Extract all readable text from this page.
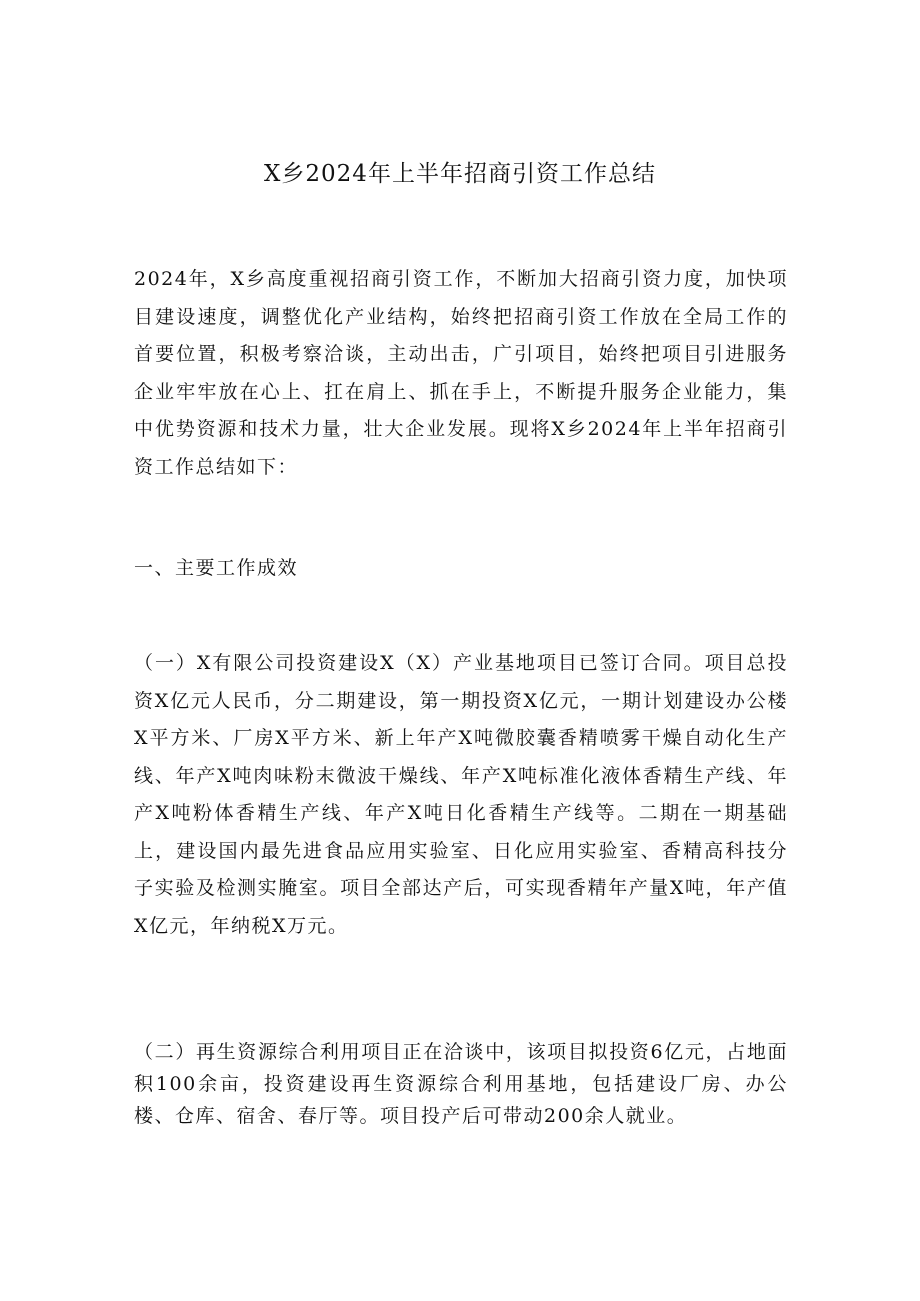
X乡2024年上半年招商引资工作总结

2024年，X乡高度重视招商引资工作，不断加大招商引资力度，加快项目建设速度，调整优化产业结构，始终把招商引资工作放在全局工作的首要位置，积极考察洽谈，主动出击，广引项目，始终把项目引进服务企业牢牢放在心上、扛在肩上、抓在手上，不断提升服务企业能力，集中优势资源和技术力量，壮大企业发展。现将X乡2024年上半年招商引资工作总结如下：

一、主要工作成效

（一）X有限公司投资建设X（X）产业基地项目已签订合同。项目总投资X亿元人民币，分二期建设，第一期投资X亿元，一期计划建设办公楼X平方米、厂房X平方米、新上年产X吨微胶囊香精喷雾干燥自动化生产线、年产X吨肉味粉末微波干燥线、年产X吨标准化液体香精生产线、年产X吨粉体香精生产线、年产X吨日化香精生产线等。二期在一期基础上，建设国内最先进食品应用实验室、日化应用实验室、香精高科技分子实验及检测实腌室。项目全部达产后，可实现香精年产量X吨，年产值X亿元，年纳税X万元。

（二）再生资源综合利用项目正在洽谈中，该项目拟投资6亿元，占地面积100余亩，投资建设再生资源综合利用基地，包括建设厂房、办公楼、仓库、宿舍、春厅等。项目投产后可带动200余人就业。
